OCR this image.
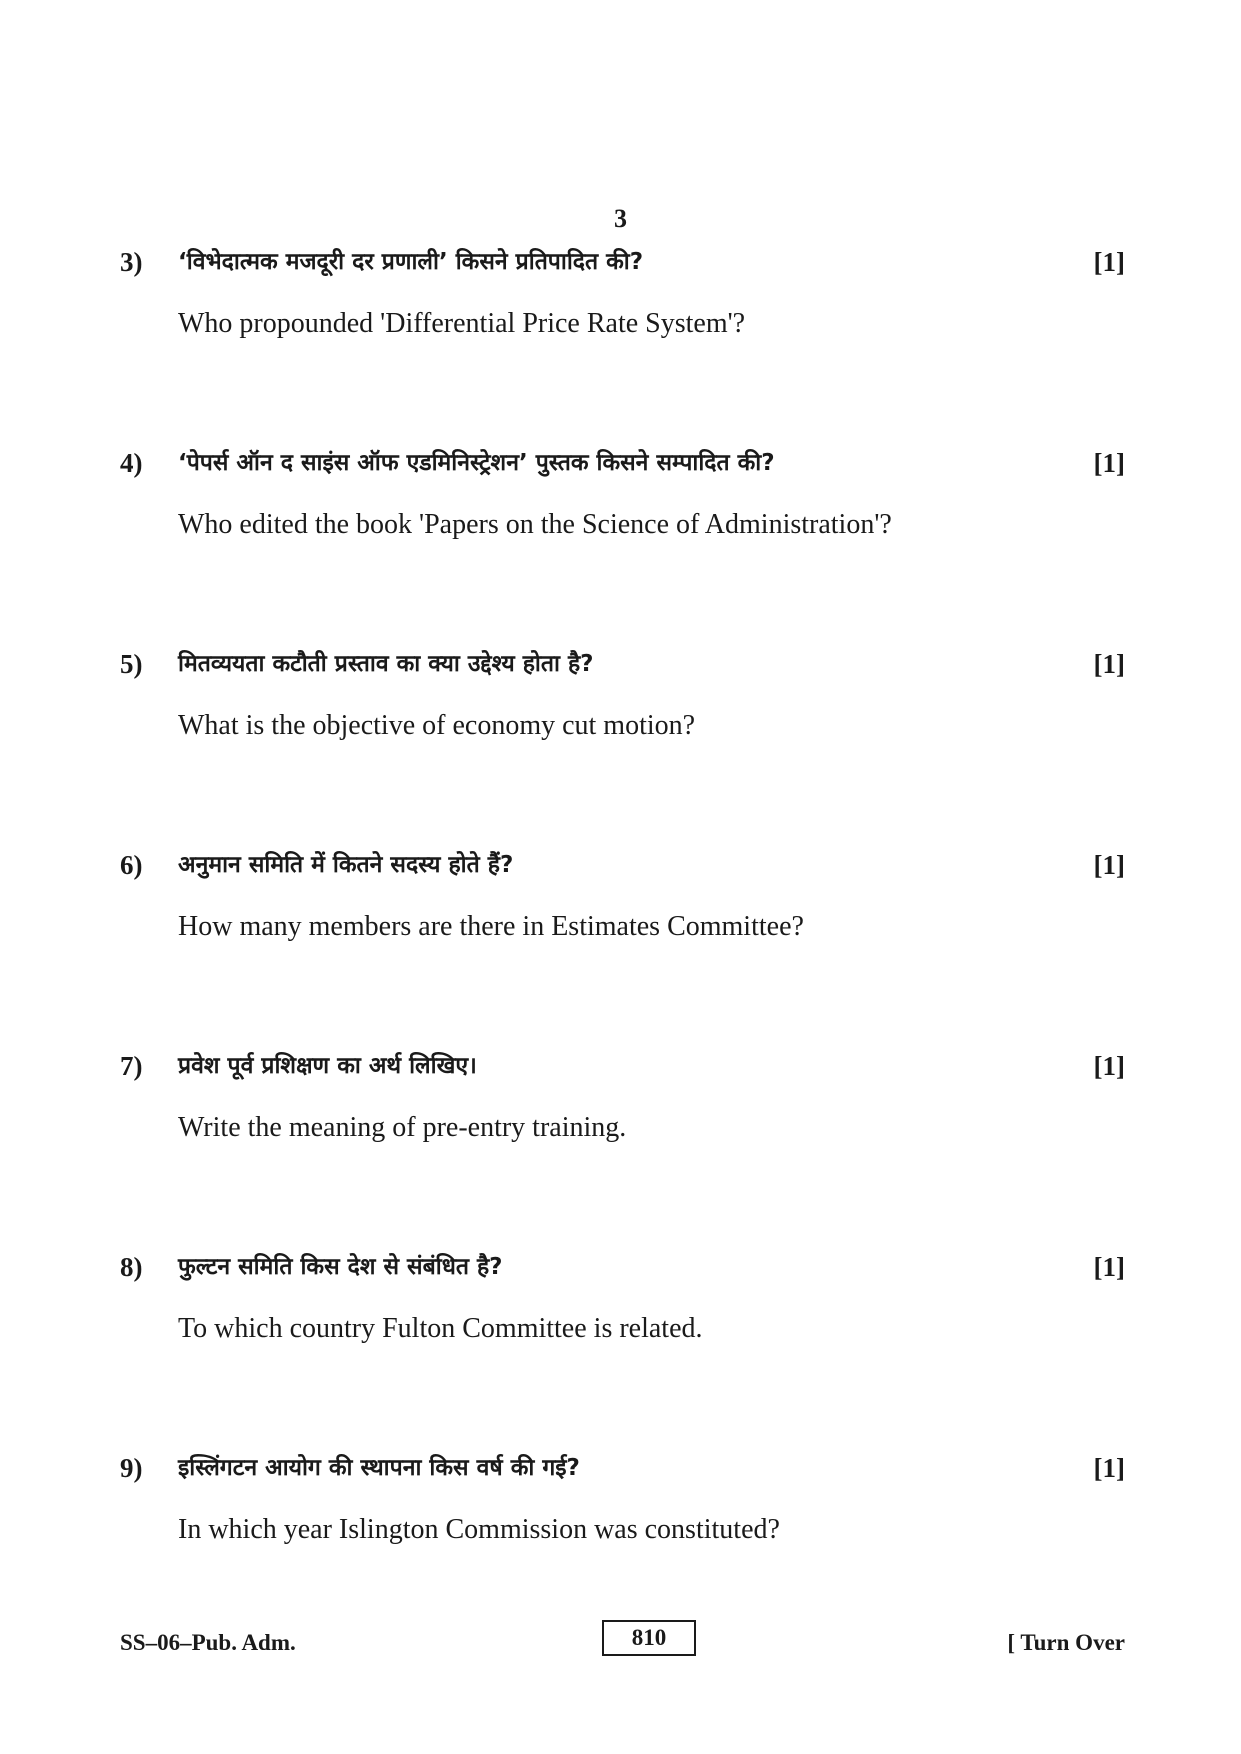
3
3) ‘विभेदात्मक मजदूरी दर प्रणाली’ किसने प्रतिपादित की?	[1]
Who propounded 'Differential Price Rate System'?
4) ‘पेपर्स ऑन द साइंस ऑफ एडमिनिस्ट्रेशन’ पुस्तक किसने सम्पादित की?	[1]
Who edited the book 'Papers on the Science of Administration'?
5) मितव्ययता कटौती प्रस्ताव का क्या उद्देश्य होता है?	[1]
What is the objective of economy cut motion?
6) अनुमान समिति में कितने सदस्य होते हैं?	[1]
How many members are there in Estimates Committee?
7) प्रवेश पूर्व प्रशिक्षण का अर्थ लिखिए।	[1]
Write the meaning of pre-entry training.
8) फुल्टन समिति किस देश से संबंधित है?	[1]
To which country Fulton Committee is related.
9) इस्लिंगटन आयोग की स्थापना किस वर्ष की गई?	[1]
In which year Islington Commission was constituted?
SS–06–Pub. Adm.	810	[ Turn Over
